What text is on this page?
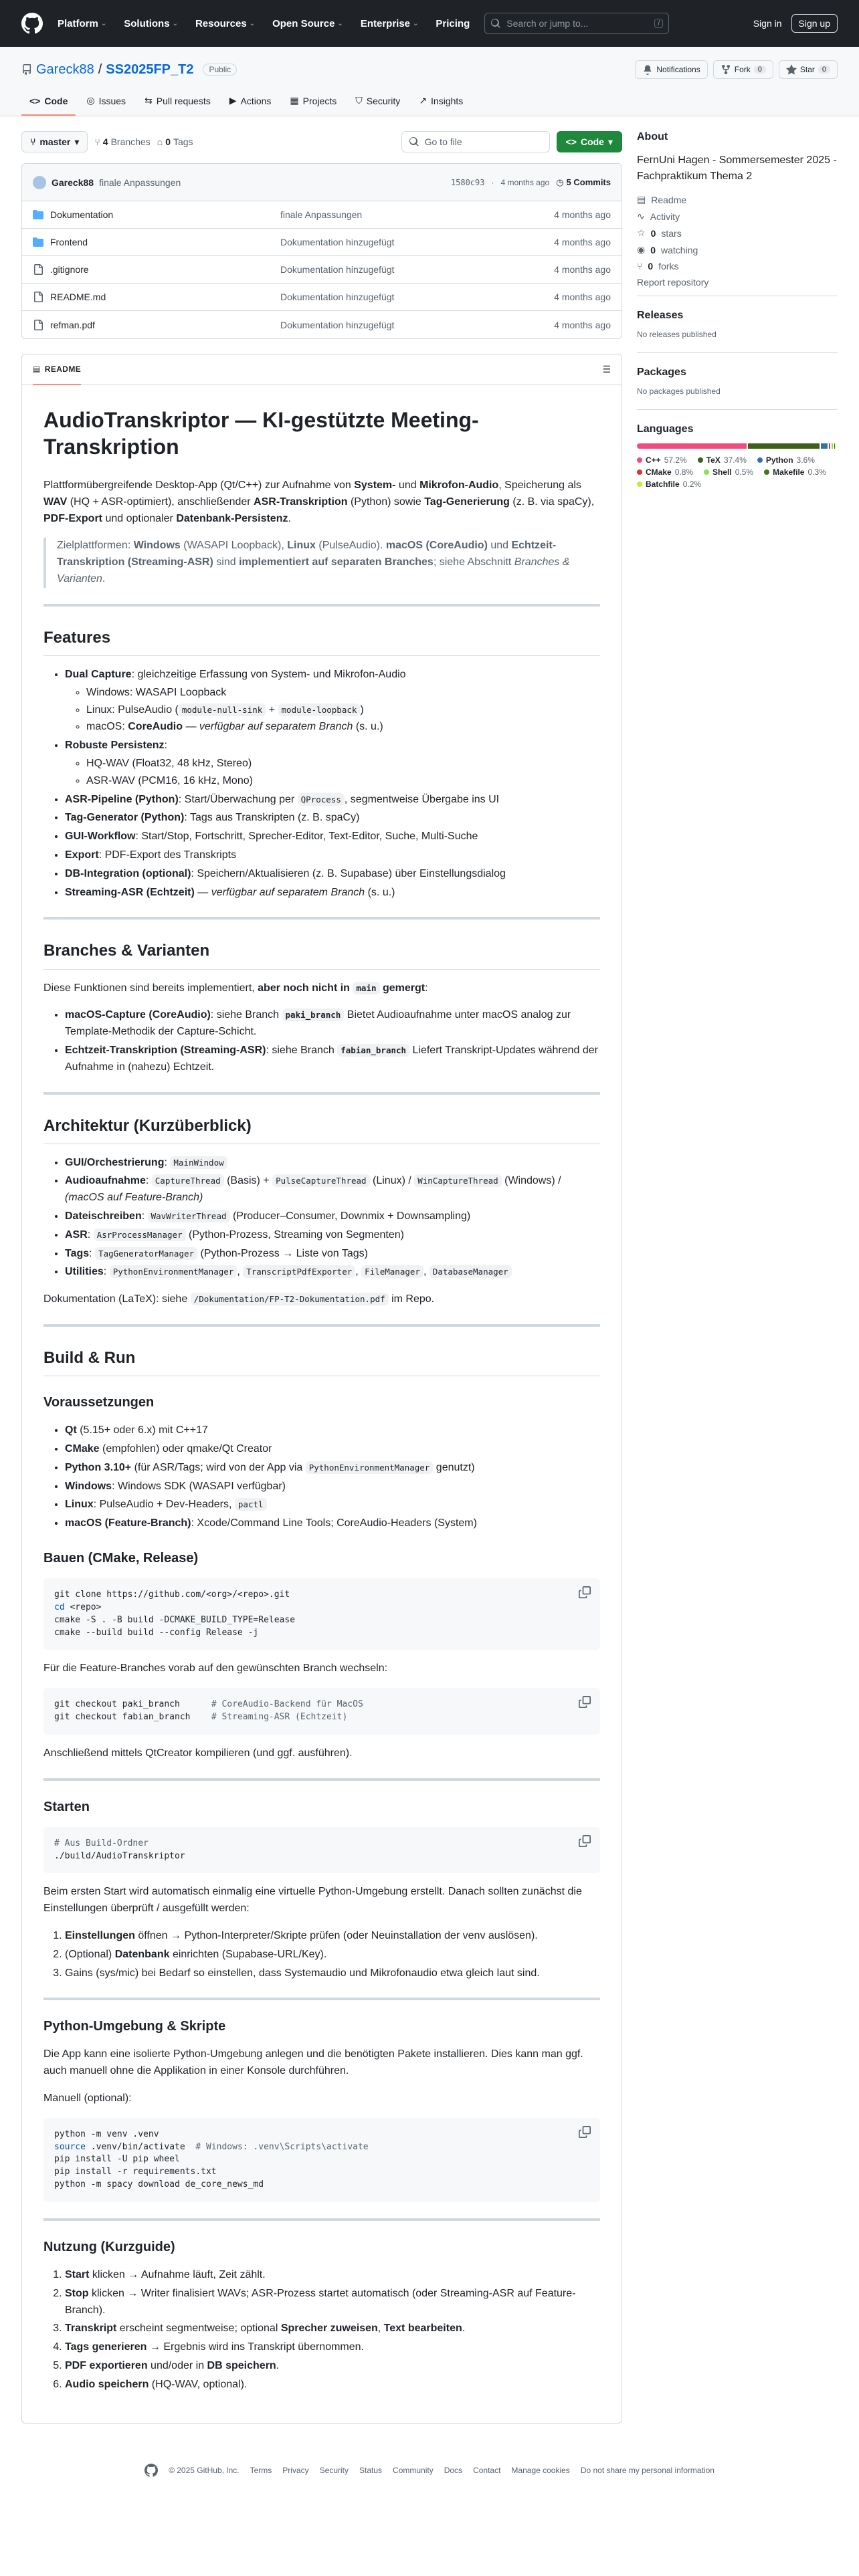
Platform ⌄ Solutions ⌄ Resources ⌄ Open Source ⌄ Enterprise ⌄ Pricing	Search or jump to...	/	Sign in	Sign up
Gareck88 / SS2025FP_T2	Public	Notifications	Fork	0	Star	0
<> Code ◎ Issues ⇆ Pull requests ▶ Actions ▦ Projects ⛉ Security ↗ Insights
⑂ master ▾ ⑂ 4 Branches ⌂ 0 Tags	Go to file	<> Code ▾
Gareck88 finale Anpassungen	1580c93 · 4 months ago ◷ 5 Commits
Dokumentation	finale Anpassungen	4 months ago
Frontend	Dokumentation hinzugefügt	4 months ago
.gitignore	Dokumentation hinzugefügt	4 months ago
README.md	Dokumentation hinzugefügt	4 months ago
refman.pdf	Dokumentation hinzugefügt	4 months ago
▤ README	☰
AudioTranskriptor — KI-gestützte Meeting-Transkription

Plattformübergreifende Desktop-App (Qt/C++) zur Aufnahme von System- und Mikrofon-Audio, Speicherung als WAV (HQ + ASR-optimiert), anschließender ASR-Transkription (Python) sowie Tag-Generierung (z. B. via spaCy), PDF-Export und optionaler Datenbank-Persistenz.

Zielplattformen: Windows (WASAPI Loopback), Linux (PulseAudio). macOS (CoreAudio) und Echtzeit-Transkription (Streaming-ASR) sind implementiert auf separaten Branches; siehe Abschnitt Branches & Varianten.
Features
• Dual Capture: gleichzeitige Erfassung von System- und Mikrofon-Audio
◦ Windows: WASAPI Loopback
◦ Linux: PulseAudio ( module-null-sink + module-loopback )
◦ macOS: CoreAudio — verfügbar auf separatem Branch (s. u.)
• Robuste Persistenz:
◦ HQ-WAV (Float32, 48 kHz, Stereo)
◦ ASR-WAV (PCM16, 16 kHz, Mono)
• ASR-Pipeline (Python): Start/Überwachung per QProcess , segmentweise Übergabe ins UI
• Tag-Generator (Python): Tags aus Transkripten (z. B. spaCy)
• GUI-Workflow: Start/Stop, Fortschritt, Sprecher-Editor, Text-Editor, Suche, Multi-Suche
• Export: PDF-Export des Transkripts
• DB-Integration (optional): Speichern/Aktualisieren (z. B. Supabase) über Einstellungsdialog
• Streaming-ASR (Echtzeit) — verfügbar auf separatem Branch (s. u.)
Branches & Varianten

Diese Funktionen sind bereits implementiert, aber noch nicht in main gemergt:

• macOS-Capture (CoreAudio): siehe Branch paki_branch Bietet Audioaufnahme unter macOS analog zur Template-Methodik der Capture-Schicht.
• Echtzeit-Transkription (Streaming-ASR): siehe Branch fabian_branch Liefert Transkript-Updates während der Aufnahme in (nahezu) Echtzeit.
Architektur (Kurzüberblick)
• GUI/Orchestrierung: MainWindow
• Audioaufnahme: CaptureThread (Basis) + PulseCaptureThread (Linux) / WinCaptureThread (Windows) / (macOS auf Feature-Branch)
• Dateischreiben: WavWriterThread (Producer–Consumer, Downmix + Downsampling)
• ASR: AsrProcessManager (Python-Prozess, Streaming von Segmenten)
• Tags: TagGeneratorManager (Python-Prozess → Liste von Tags)
• Utilities: PythonEnvironmentManager , TranscriptPdfExporter , FileManager , DatabaseManager

Dokumentation (LaTeX): siehe /Dokumentation/FP-T2-Dokumentation.pdf im Repo.

Build & Run
Voraussetzungen
• Qt (5.15+ oder 6.x) mit C++17
• CMake (empfohlen) oder qmake/Qt Creator
• Python 3.10+ (für ASR/Tags; wird von der App via PythonEnvironmentManager genutzt)
• Windows: Windows SDK (WASAPI verfügbar)
• Linux: PulseAudio + Dev-Headers, pactl
• macOS (Feature-Branch): Xcode/Command Line Tools; CoreAudio-Headers (System)
Bauen (CMake, Release)
git clone https://github.com/<org>/<repo>.git
cd <repo>
cmake -S . -B build -DCMAKE_BUILD_TYPE=Release
cmake --build build --config Release -j

Für die Feature-Branches vorab auf den gewünschten Branch wechseln:

git checkout paki_branch      # CoreAudio-Backend für MacOS
git checkout fabian_branch    # Streaming-ASR (Echtzeit)

Anschließend mittels QtCreator kompilieren (und ggf. ausführen).

Starten
# Aus Build-Ordner
./build/AudioTranskriptor

Beim ersten Start wird automatisch einmalig eine virtuelle Python-Umgebung erstellt. Danach sollten zunächst die Einstellungen überprüft / ausgefüllt werden:

1. Einstellungen öffnen → Python-Interpreter/Skripte prüfen (oder Neuinstallation der venv auslösen).
2. (Optional) Datenbank einrichten (Supabase-URL/Key).
3. Gains (sys/mic) bei Bedarf so einstellen, dass Systemaudio und Mikrofonaudio etwa gleich laut sind.
Python-Umgebung & Skripte

Die App kann eine isolierte Python-Umgebung anlegen und die benötigten Pakete installieren. Dies kann man ggf. auch manuell ohne die Applikation in einer Konsole durchführen.

Manuell (optional):

python -m venv .venv
source .venv/bin/activate  # Windows: .venv\Scripts\activate
pip install -U pip wheel
pip install -r requirements.txt
python -m spacy download de_core_news_md
Nutzung (Kurzguide)
1. Start klicken → Aufnahme läuft, Zeit zählt.
2. Stop klicken → Writer finalisiert WAVs; ASR-Prozess startet automatisch (oder Streaming-ASR auf Feature-Branch).
3. Transkript erscheint segmentweise; optional Sprecher zuweisen, Text bearbeiten.
4. Tags generieren → Ergebnis wird ins Transkript übernommen.
5. PDF exportieren und/oder in DB speichern.
6. Audio speichern (HQ-WAV, optional).
About

FernUni Hagen - Sommersemester 2025 - Fachpraktikum Thema 2

▤ Readme
∿ Activity
☆ 0 stars
◉ 0 watching
⑂ 0 forks
Report repository
Releases
No releases published
Packages
No packages published
Languages
C++ 57.2% TeX 37.4% Python 3.6%
CMake 0.8% Shell 0.5% Makefile 0.3%
Batchfile 0.2%
© 2025 GitHub, Inc. Terms Privacy Security Status Community Docs Contact Manage cookies Do not share my personal information
